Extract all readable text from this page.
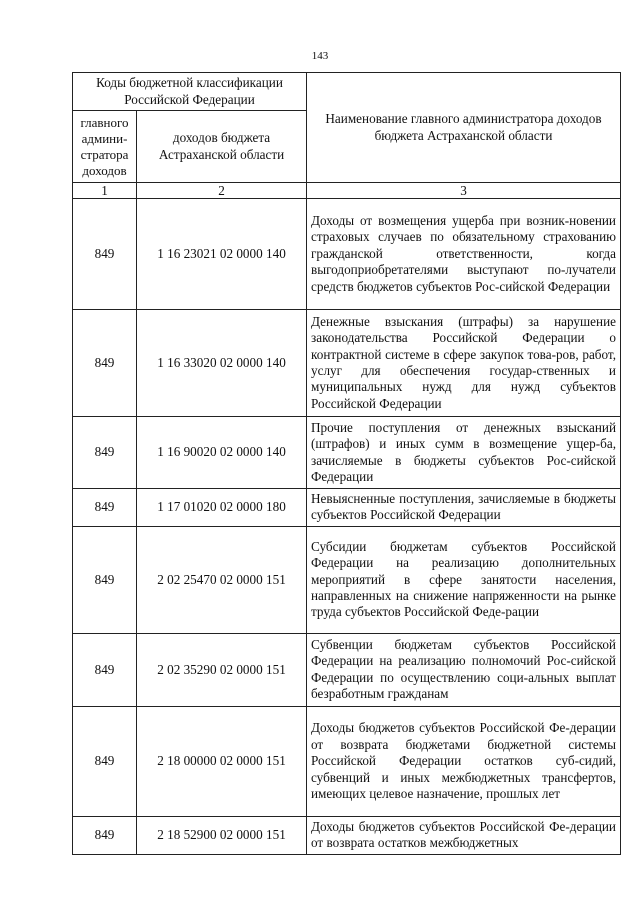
143
Коды бюджетной классификации Российской Федерации		Наименование главного администратора доходов бюджета Астраханской области
главного админи-стратора доходов	доходов бюджета Астраханской области	
1	2	3
849	1 16 23021 02 0000 140	Доходы от возмещения ущерба при возник-новении страховых случаев по обязательному страхованию гражданской ответственности, когда выгодоприобретателями выступают по-лучатели средств бюджетов субъектов Рос-сийской Федерации
849	1 16 33020 02 0000 140	Денежные взыскания (штрафы) за нарушение законодательства Российской Федерации о контрактной системе в сфере закупок това-ров, работ, услуг для обеспечения государ-ственных и муниципальных нужд для нужд субъектов Российской Федерации
849	1 16 90020 02 0000 140	Прочие поступления от денежных взысканий (штрафов) и иных сумм в возмещение ущер-ба, зачисляемые в бюджеты субъектов Рос-сийской Федерации
849	1 17 01020 02 0000 180	Невыясненные поступления, зачисляемые в бюджеты субъектов Российской Федерации
849	2 02 25470 02 0000 151	Субсидии бюджетам субъектов Российской Федерации на реализацию дополнительных мероприятий в сфере занятости населения, направленных на снижение напряженности на рынке труда субъектов Российской Феде-рации
849	2 02 35290 02 0000 151	Субвенции бюджетам субъектов Российской Федерации на реализацию полномочий Рос-сийской Федерации по осуществлению соци-альных выплат безработным гражданам
849	2 18 00000 02 0000 151	Доходы бюджетов субъектов Российской Фе-дерации от возврата бюджетами бюджетной системы Российской Федерации остатков суб-сидий, субвенций и иных межбюджетных трансфертов, имеющих целевое назначение, прошлых лет
849	2 18 52900 02 0000 151	Доходы бюджетов субъектов Российской Фе-дерации от возврата остатков межбюджетных
